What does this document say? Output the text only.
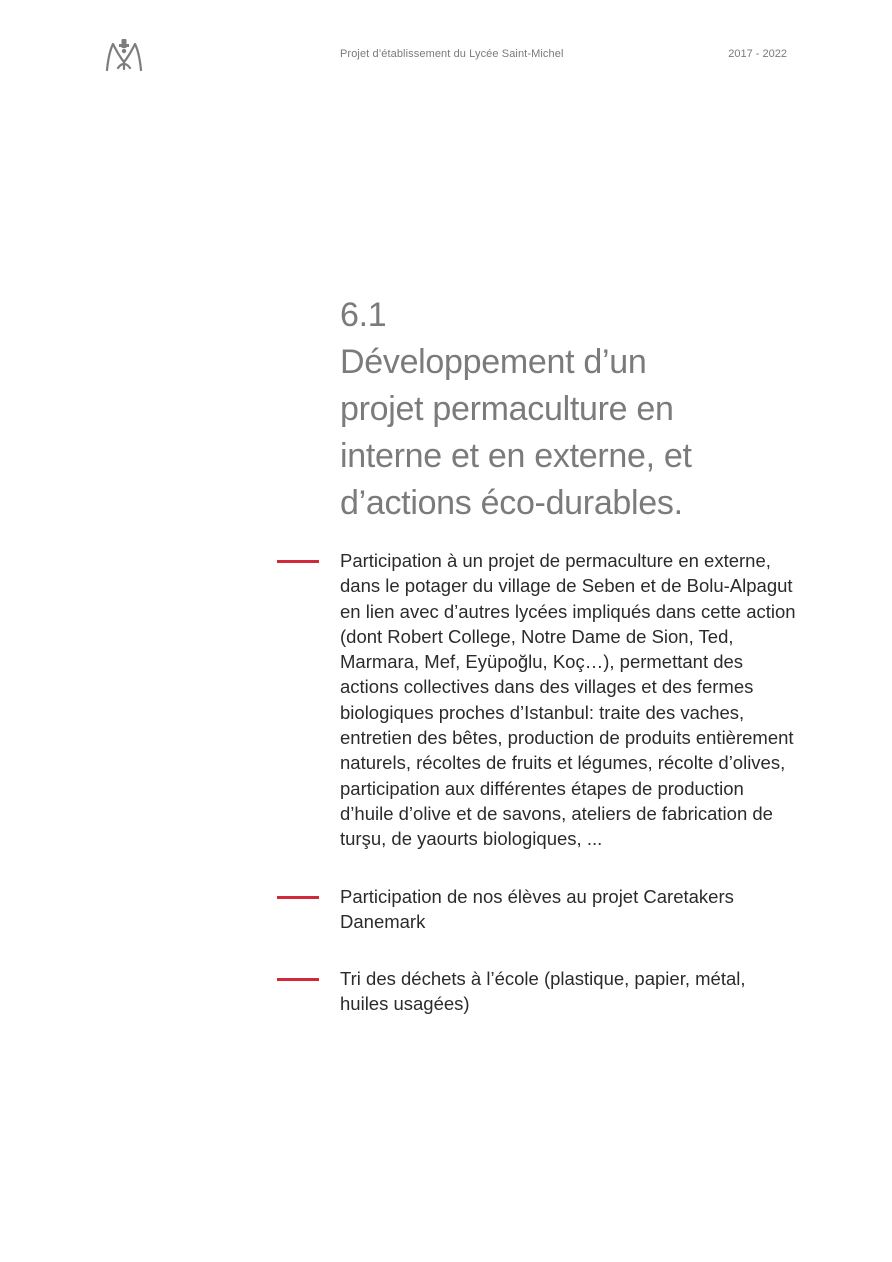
Projet d’établissement du Lycée Saint-Michel	2017 - 2022
6.1
Développement d’un
projet permaculture en
interne et en externe, et
d’actions éco-durables.
Participation à un projet de permaculture en externe, dans le potager du village de Seben et de Bolu-Alpagut en lien avec d’autres lycées impliqués dans cette action (dont Robert College, Notre Dame de Sion, Ted, Marmara, Mef, Eyüpoğlu, Koç…), permettant des actions collectives dans des villages et des fermes biologiques proches d’Istanbul: traite des vaches, entretien des bêtes, production de produits entièrement naturels, récoltes de fruits et légumes, récolte d’olives, participation aux différentes étapes de production d’huile d’olive et de savons, ateliers de fabrication de turşu, de yaourts biologiques, ...
Participation de nos élèves au projet Caretakers Danemark
Tri des déchets à l’école (plastique, papier, métal, huiles usagées)
